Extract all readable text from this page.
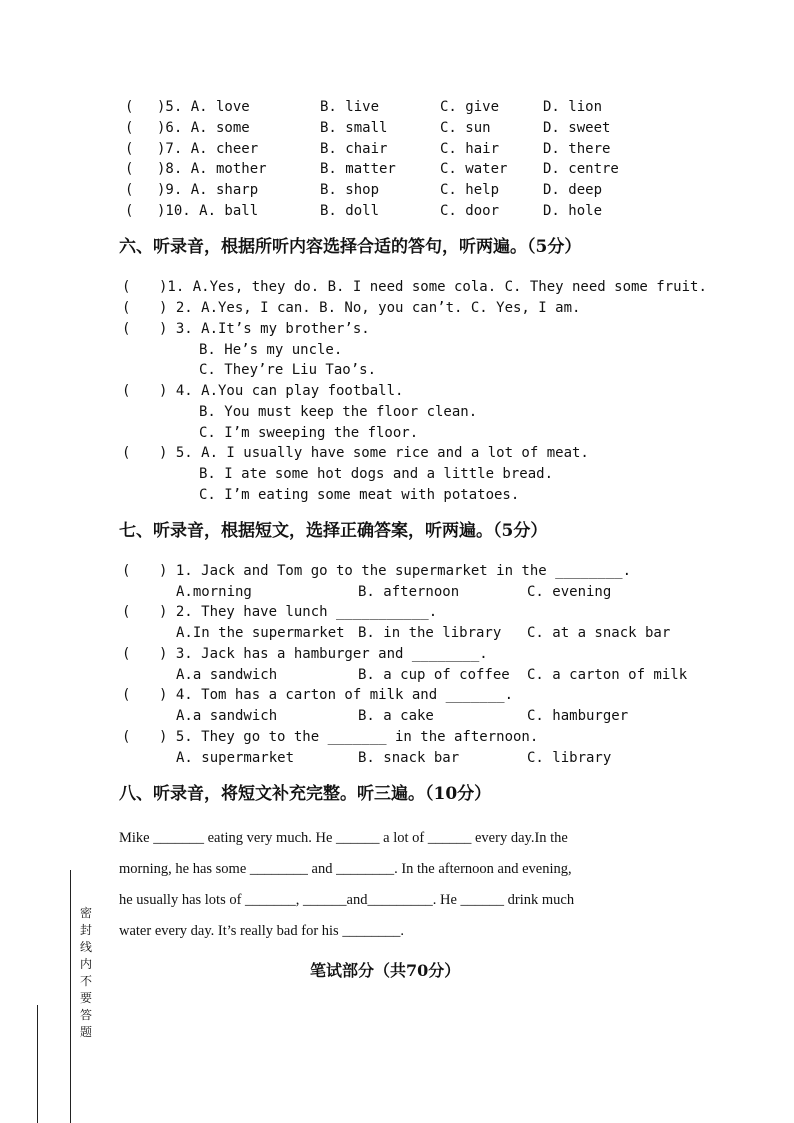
( )5. A. love	B. live	C. give	D. lion
( )6. A. some	B. small	C. sun	D. sweet
( )7. A. cheer	B. chair	C. hair	D. there
( )8. A. mother	B. matter	C. water	D. centre
( )9. A. sharp	B. shop	C. help	D. deep
( )10. A. ball	B. doll	C. door	D. hole
六、听录音，根据所听内容选择合适的答句，听两遍。（5分）
( )1. A.Yes, they do. B. I need some cola. C. They need some fruit.
( ) 2. A.Yes, I can. B. No, you can’t. C. Yes, I am.
( ) 3. A.It’s my brother’s.
B. He’s my uncle.
C. They’re Liu Tao’s.
( ) 4. A.You can play football.
B. You must keep the floor clean.
C. I’m sweeping the floor.
( ) 5. A. I usually have some rice and a lot of meat.
B. I ate some hot dogs and a little bread.
C. I’m eating some meat with potatoes.
七、听录音，根据短文，选择正确答案，听两遍。（5分）
( ) 1. Jack and Tom go to the supermarket in the ________.
A.morning	B. afternoon	C. evening
( ) 2. They have lunch ___________.
A.In the supermarket B. in the library C. at a snack bar
( ) 3. Jack has a hamburger and ________.
A.a sandwich	B. a cup of coffee C. a carton of milk
( ) 4. Tom has a carton of milk and _______.
A.a sandwich	B. a cake	C. hamburger
( ) 5. They go to the _______ in the afternoon.
A. supermarket	B. snack bar	C. library
八、听录音，将短文补充完整。听三遍。（10分）
Mike _______ eating very much. He ______ a lot of ______ every day.In the
morning, he has some ________ and ________. In the afternoon and evening,
he usually has lots of _______, ______and_________. He ______ drink much
water every day. It’s really bad for his ________.
笔试部分（共70分）
密
封
线
内
不
要
答
题
